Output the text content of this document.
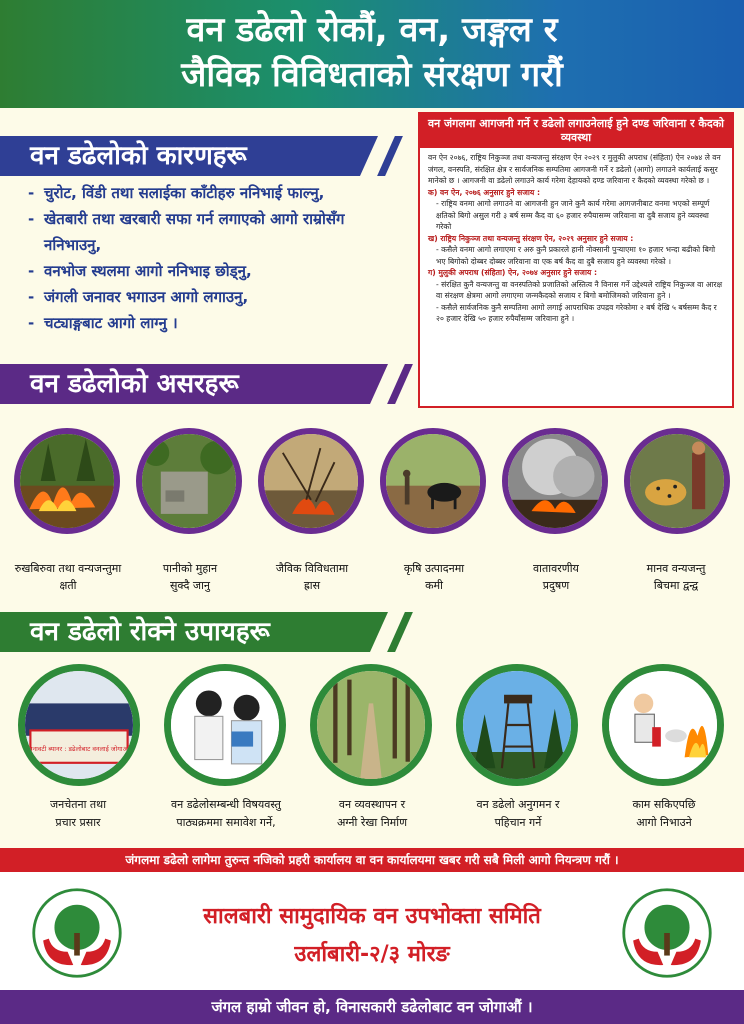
वन डढेलो रोकौं, वन, जङ्गल र
जैविक विविधताको संरक्षण गरौं
वन डढेलोको कारणहरू
- चुरोट, विंडी तथा सलाईका काँटीहरु ननिभाई फाल्नु,
- खेतबारी तथा खरबारी सफा गर्न लगाएको आगो राम्रोसँग ननिभाउनु,
- वनभोज स्थलमा आगो ननिभाइ छोड्नु,
- जंगली जनावर भगाउन आगो लगाउनु,
- चट्याङ्गबाट आगो लाग्नु ।
वन जंगलमा आगजनी गर्ने र डढेलो लगाउनेलाई हुने दण्ड जरिवाना र कैदको व्यवस्था
वन ऐन २०७६, राष्ट्रिय निकुञ्ज तथा वन्यजन्तु संरक्षण ऐन २०२९ र मुलुकी अपराध (संहिता) ऐन २०७४ ले वन जंगल, वनस्पति, संरक्षित क्षेत्र र सार्वजनिक सम्पतिमा आगजनी गर्ने र डढेलो (आगो) लगाउने कार्यलाई कसुर मानेको छ । आगजनी वा डढेलो लगाउने कार्य गरेमा देहायको दण्ड जरिवाना र कैदको व्यवस्था गरेको छ ।
क) वन ऐन, २०७६ अनुसार हुने सजाय :
- राष्ट्रिय वनमा आगो लगाउने वा आगजनी हुन जाने कुनै कार्य गरेमा आगजनीबाट वनमा भएको सम्पूर्ण क्षतिको बिगो असुल गरी ३ बर्ष सम्म कैद वा ६० हजार रुपैयासम्म जरिवाना वा दुबै सजाय हुने व्यवस्था गरेको
ख) राष्ट्रिय निकुञ्ज तथा वन्यजन्तु संरक्षण ऐन, २०२९ अनुसार हुने सजाय :
- कसैले वनमा आगो लगाएमा र अरु कुनै प्रकारले हानी नोक्सानी पुऱ्याएमा १० हजार भन्दा बढीको बिगो भए बिगोको दोब्बर दोब्बर जरिवाना वा एक बर्ष कैद वा दुबै सजाय हुने व्यवस्था गरेको ।
ग) मुलुकी अपराध (संहिता) ऐन, २०७४ अनुसार हुने सजाय :
- संरक्षित कुनै वन्यजन्तु वा वनस्पतिको प्रजातिको अस्तित्व नै विनास गर्ने उद्देश्यले राष्ट्रिय निकुञ्ज वा आरक्ष वा संरक्षण क्षेत्रमा आगो लगाएमा जन्मकैदको सजाय र बिगो बमोजिमको जरिवाना हुने ।
- कसैले सार्वजनिक कुनै सम्पतिमा आगो लगाई आपराधिक उपद्रव गरेकोमा २ बर्ष देखि ५ बर्षसम्म कैद र २० हजार देखि ५० हजार रुपैयाँसम्म जरिवाना हुने ।
वन डढेलोको असरहरू
रुखबिरुवा तथा वन्यजन्तुमा
क्षती
पानीको मुहान
सुक्दै जानु
जैविक विविधतामा
ह्रास
कृषि उत्पादनमा
कमी
वातावरणीय
प्रदुषण
मानव वन्यजन्तु
बिचमा द्वन्द्व
वन डढेलो रोक्ने उपायहरू
बनावटी ब्यानर : डढेलोबाट वनलाई जोगाऔं
जनचेतना तथा
प्रचार प्रसार
वन डढेलोसम्बन्धी विषयवस्तु
पाठ्यक्रममा समावेश गर्ने,
वन व्यवस्थापन र
अग्नी रेखा निर्माण
वन डढेलो अनुगमन र
पहिचान गर्ने
काम सकिएपछि
आगो निभाउने
जंगलमा डढेलो लागेमा तुरुन्त नजिको प्रहरी कार्यालय वा वन कार्यालयमा खबर गरी सबै मिली आगो नियन्त्रण गरौं ।
सालबारी सामुदायिक वन उपभोक्ता समिति
उर्लाबारी-२/३ मोरङ
जंगल हाम्रो जीवन हो, विनासकारी डढेलोबाट वन जोगाऔं ।
